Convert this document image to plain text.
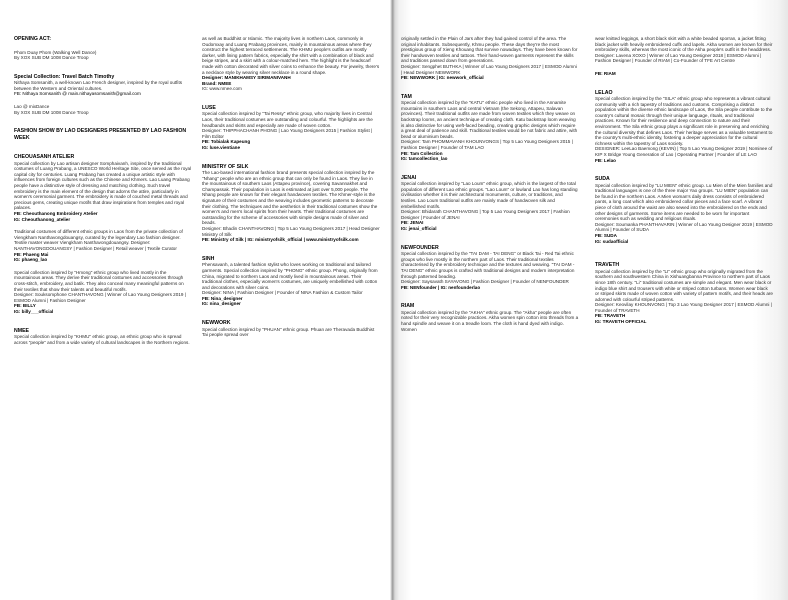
OPENING ACT:

Phom Duay Phom (Walking Well Dance)

By XOX SUB DM 1008 Dance Troop

Special Collection: Travel Batch Timothy

Nithaya Somsanith, a well-known Lao French designer, inspired by the royal outfits between the Western and Oriental cultures.

FB: Nithaya Somsanith @ main.nithayasomsanith@gmail.com

Lao @ mixDance

By XOX SUB DM 1008 Dance Troop

FASHION SHOW BY LAO DESIGNERS PRESENTED BY LAO FASHION WEEK

CHEOUASANH ATELIER

Special collection by Lao artisan designer Somphaivanh, inspired by the traditional costumes of Luang Prabang, a UNESCO World Heritage Site, once served as the royal capital city for centuries. Luang Prabang has created a unique artistic style with influences from foreign cultures such as the Chinese and Khmers. Lao Luang Prabang people have a distinctive style of dressing and matching clothing. Such travel embroidery is the main element of the design that adorns the attire, particularly in women's ceremonial garment. The embroidery is made of couched metal threads and precious gems, creating unique motifs that draw inspirations from temples and royal palaces.

FB: Cheouthanong Embroidery Atelier

IG: Cheouthanong_atelier

Traditional costumes of different ethnic groups in Laos from the private collection of Viengkham Nanthavongdouangsy, curated by the legendary Lao fashion designer. Textile master weaver Viengkham Nanthavongdouangsy. Designer: NANTHAVONGDOUANGSY | Fashion Designer | Retail weaver | Textile Curator

FB: Phaeng Mai

IG: phaeng_lao

Special collection inspired by "Hmong" ethnic group who lived mostly in the mountainous areas. They derive their traditional costumes and accessories through cross-stitch, embroidery, and batik. They also conceal many meaningful patterns on their textiles that show their talents and beautiful motifs.

Designer: Souksomphone CHANTHAVONG | Winner of Lao Young Designers 2019 | ESMOD Alumni | Fashion Designer

FB: BILLY

IG: billy___official

NMEE

Special collection inspired by "KHMU" ethnic group, an ethnic group who is spread across "people" and from a wide variety of cultural landscapes in the Northern regions.

as well as Buddhist or Islamic. The majority lives in northern Laos, commonly in Oudomxay and Luang Prabang provinces, mainly in mountainous areas where they construct the highest terraced settlements. The KHMU people's outfits are mostly darker, with lining pattern fabrics, especially the shirt with a combination of black and beige stripes, and a skirt with a colour-matched hem. The highlight is the headscarf made with cotton decorated with silver coins to enhance the beauty. For jewelry, there's a necklace style by wearing silver necklace in a round shape.

Designer: MANIKHAMSY SIRIMANIVANH

Brand: NMEE

IG: www.nmee.com

LUSE

Special collection inspired by "Tai Ressy" ethnic group, who majority lives in Central Laos, their traditional costumes are outstanding and colourful. The highlights are the headbands and skirts and especially are made of woven cotton.

Designer: THIPPHACHANH PHONG | Lao Young Designers 2015 | Fashion Stylist | Film Editor

FB: Tobialak Kapeung

IG: luse.vientiane

MINISTRY OF SILK

The Lao-based international fashion brand presents special collection inspired by the "Nhang" people who are an ethnic group that can only be found in Laos. They live in the mountainous of southern Laos (Attapeu province), covering Savannakhet and Champassak. Their population in Laos is estimated at just over 5,000 people. The Nhang people are known for their elegant handwoven textiles. The Khmer-style is the signature of their costumes and the weaving includes geometric patterns to decorate their clothing. The techniques and the aesthetics in their traditional costumes show the women's and men's local spirits from their hearts. Their traditional costumes are outstanding for the scheme of accessories with simple designs made of silver and beads.

Designer: Bhadin CHANTHAVONG | Top 5 Lao Young Designers 2017 | Head Designer Ministry of Silk

FB: Ministry of Silk | IG: ministryofsilk_official | www.ministryofsilk.com

SINH

Phensavanh, a talented fashion stylist who loves working on traditional and tailored garments. Special collection inspired by "PHONG" ethnic group. Phong, originally from China, migrated to northern Laos and mostly lived in mountainous areas. Their traditional clothes, especially women's costumes, are uniquely embellished with cotton and decorations with silver coins.

Designer: NINA | Fashion Designer | Founder of NINA Fashion & Custom Tailor

FB: Nina_designer

IG: nina_designer

NEWWORK

Special collection inspired by "PHUAN" ethnic group. Phuan are Theravada Buddhist Tai people spread over

originally settled in the Plain of Jars after they had gained control of the area. The original inhabitants. Subsequently, Khmu people. These days they're the most prestigious group of Xieng Khouang that survive nowadays. They have been known for their handwoven textiles and tattoos. Their hand-woven garments represent the skills and traditions passed down from generations.

Designer: Sengphet BUTHKA | Winner of Lao Young Designers 2017 | ESMOD Alumni | Head Designer NEWWORK

FB: NEWWORK | IG: newwork_official

TAM

Special collection inspired by the "KATU" ethnic people who lived in the Annamite mountains in southern Laos and central Vietnam (the Sekong, Attapeu, Salavan provinces). Their traditional outfits are made from woven textiles which they weave on backstrap looms, an ancient technique of creating cloth. Katu backstrap loom weaving is also distinctive for using weft-faced beading, creating graphic designs which require a great deal of patience and skill. Traditional textiles would be not fabric and attire, with bead or aluminium beads.

Designer: Tam PHOMMAVANH KHOUNVONGS | Top 5 Lao Young Designers 2015 | Fashion Designer | Founder of TAM LAO

FB: Tam Collection

IG: tamcollection_lao

JENAI

Special collection inspired by "Lao Loum" ethnic group, which is the largest of the total population of different Lao ethnic groups. "Lao Loum" or lowland Lao has long standing civilisation whether it is their architectural monuments, culture, or traditions, and textiles. Lao Loum traditional outfits are mainly made of handwoven silk and embellished motifs.

Designer: Bhidarath CHANTHAVONG | Top 5 Lao Young Designers 2017 | Fashion Designer | Founder of JENAI

FB: JENAI

IG: jenai_official

NEWFOUNDER

Special collection inspired by the "TAI DAM - TAI DENG" or Black Tai - Red Tai ethnic groups who live mostly in the northern part of Laos. Their traditional textiles characterised by the embroidery technique and the textures and weaving. "TAI DAM - TAI DENG" ethnic groups is crafted with traditional designs and modern interpretation through patterned beading.

Designer: Saysavath SAYAVONG | Fashion Designer | Founder of NENFOUNDER

FB: NENfounder | IG: nenfounderlao

RIAM

Special collection inspired by the "AKHA" ethnic group. The "Akha" people are often noted for their very recognizable practices. Akha women spin cotton into threads from a hand spindle and weave it on a treadle loom. The cloth is hand dyed with indigo. Women

wear knitted leggings, a short black skirt with a white beaded sporran, a jacket fitting black jacket with heavily embroidered cuffs and lapels. Akha women are known for their embroidery skills, whereas the most iconic of the Akha people's outfit is the headdress.

Designer: Lavena XOXO | Winner of Lao Young Designer 2018 | ESMOD Alumni | Fashion Designer | Founder of RIAM | Co-Founder of TFE Art Centre

FB: RIAM

LELAO

Special collection inspired by the "SILA" ethnic group who represents a vibrant cultural community with a rich tapestry of traditions and customs. Comprising a distinct population within the diverse ethnic landscape of Laos, the Sila people contribute to the country's cultural mosaic through their unique language, rituals, and traditional practices. Known for their resilience and deep connection to nature and their environment. The Sila ethnic group plays a significant role in preserving and enriching the cultural diversity that defines Laos. Their heritage serves as a valuable testament to the country's multi-ethnic identity, fostering a deeper appreciation for the cultural richness within the tapestry of Laos society.

DESIGNER: LeeLao Baemong (KEVIN) | Top 5 Lao Young Designer 2019 | Nominee of KIP X Bridge Young Generation of Lao | Operating Partner | Founder of LE LAO

FB: Lelao

SUDA

Special collection inspired by "LU MIEN" ethnic group. Lu Mien of the Mien families and traditional languages is one of the three major Yao groups. "LU MIEN" population can be found in the northern Laos. A Mien woman's daily dress consists of embroidered pants, a long coat which also embroidered collar pieces and a face scarf. A vibrant piece of cloth around the waist are also sewed into the embroidered on the ends and other designs of garments. Some items are needed to be worn for important ceremonies such as wedding and religious rituals.

Designer: Soumanka PHANTHAVARIN | Winner of Lao Young Designer 2019 | ESMOD Alumni | Founder of SUDA

FB: SUDA

IG: sudaofficial

TRAVETH

Special collection inspired by the "LI" ethnic group who originally migrated from the southern and southwestern China in Xishuangbanna Province to northern part of Laos since 18th century. "Li" traditional costumes are simple and elegant. Men wear black or indigo blue shirt and trousers with white or striped cotton turbans. Women wear black or striped skirts made of woven cotton with variety of pattern motifs, and their heads are adorned with colourful striped patterns.

Designer: Keovilay KHOUNVONG | Top 3 Lao Young Designer 2017 | ESMOD Alumni | Founder of TRAVETH

FB: TRAVETH

IG: TRAVETH OFFICIAL
